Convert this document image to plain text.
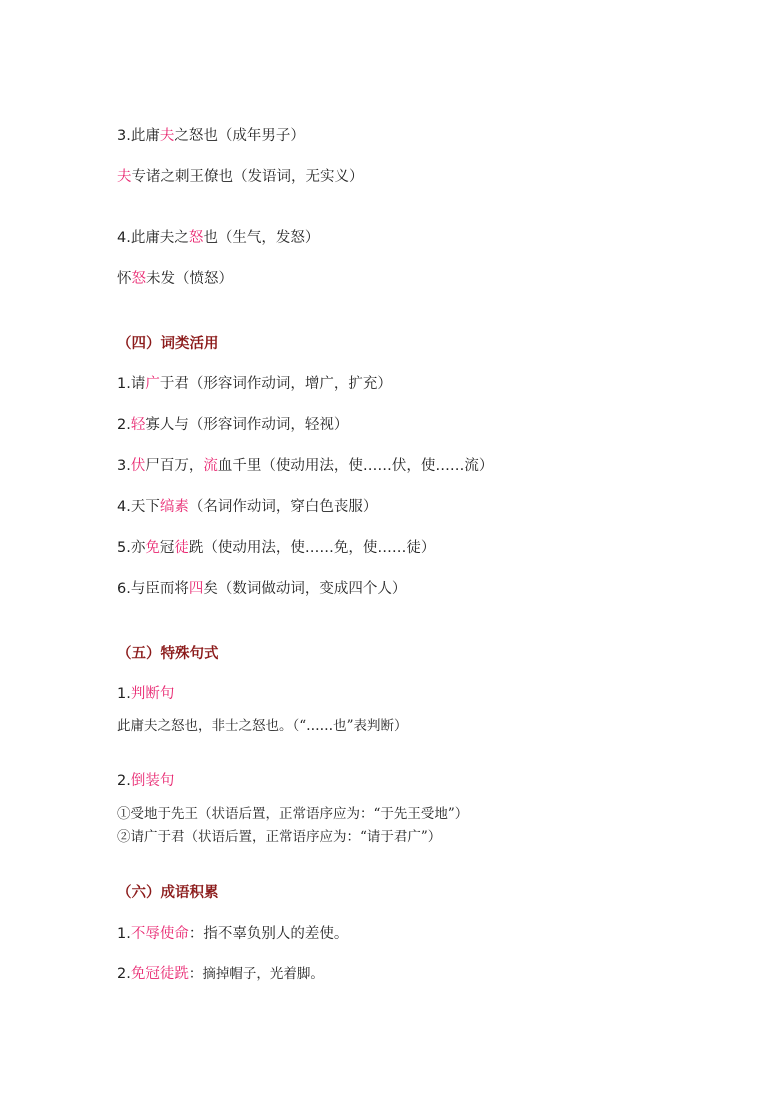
3.此庸夫之怒也（成年男子）
夫专诸之刺王僚也（发语词，无实义）
4.此庸夫之怒也（生气，发怒）
怀怒未发（愤怒）
（四）词类活用
1.请广于君（形容词作动词，增广，扩充）
2.轻寡人与（形容词作动词，轻视）
3.伏尸百万，流血千里（使动用法，使……伏，使……流）
4.天下缟素（名词作动词，穿白色丧服）
5.亦免冠徒跣（使动用法，使……免，使……徒）
6.与臣而将四矣（数词做动词，变成四个人）
（五）特殊句式
1.判断句
此庸夫之怒也，非士之怒也。（“……也”表判断）
2.倒装句
①受地于先王（状语后置，正常语序应为：“于先王受地”）
②请广于君（状语后置，正常语序应为：“请于君广”）
（六）成语积累
1.不辱使命：指不辜负别人的差使。
2.免冠徒跣：摘掉帽子，光着脚。
